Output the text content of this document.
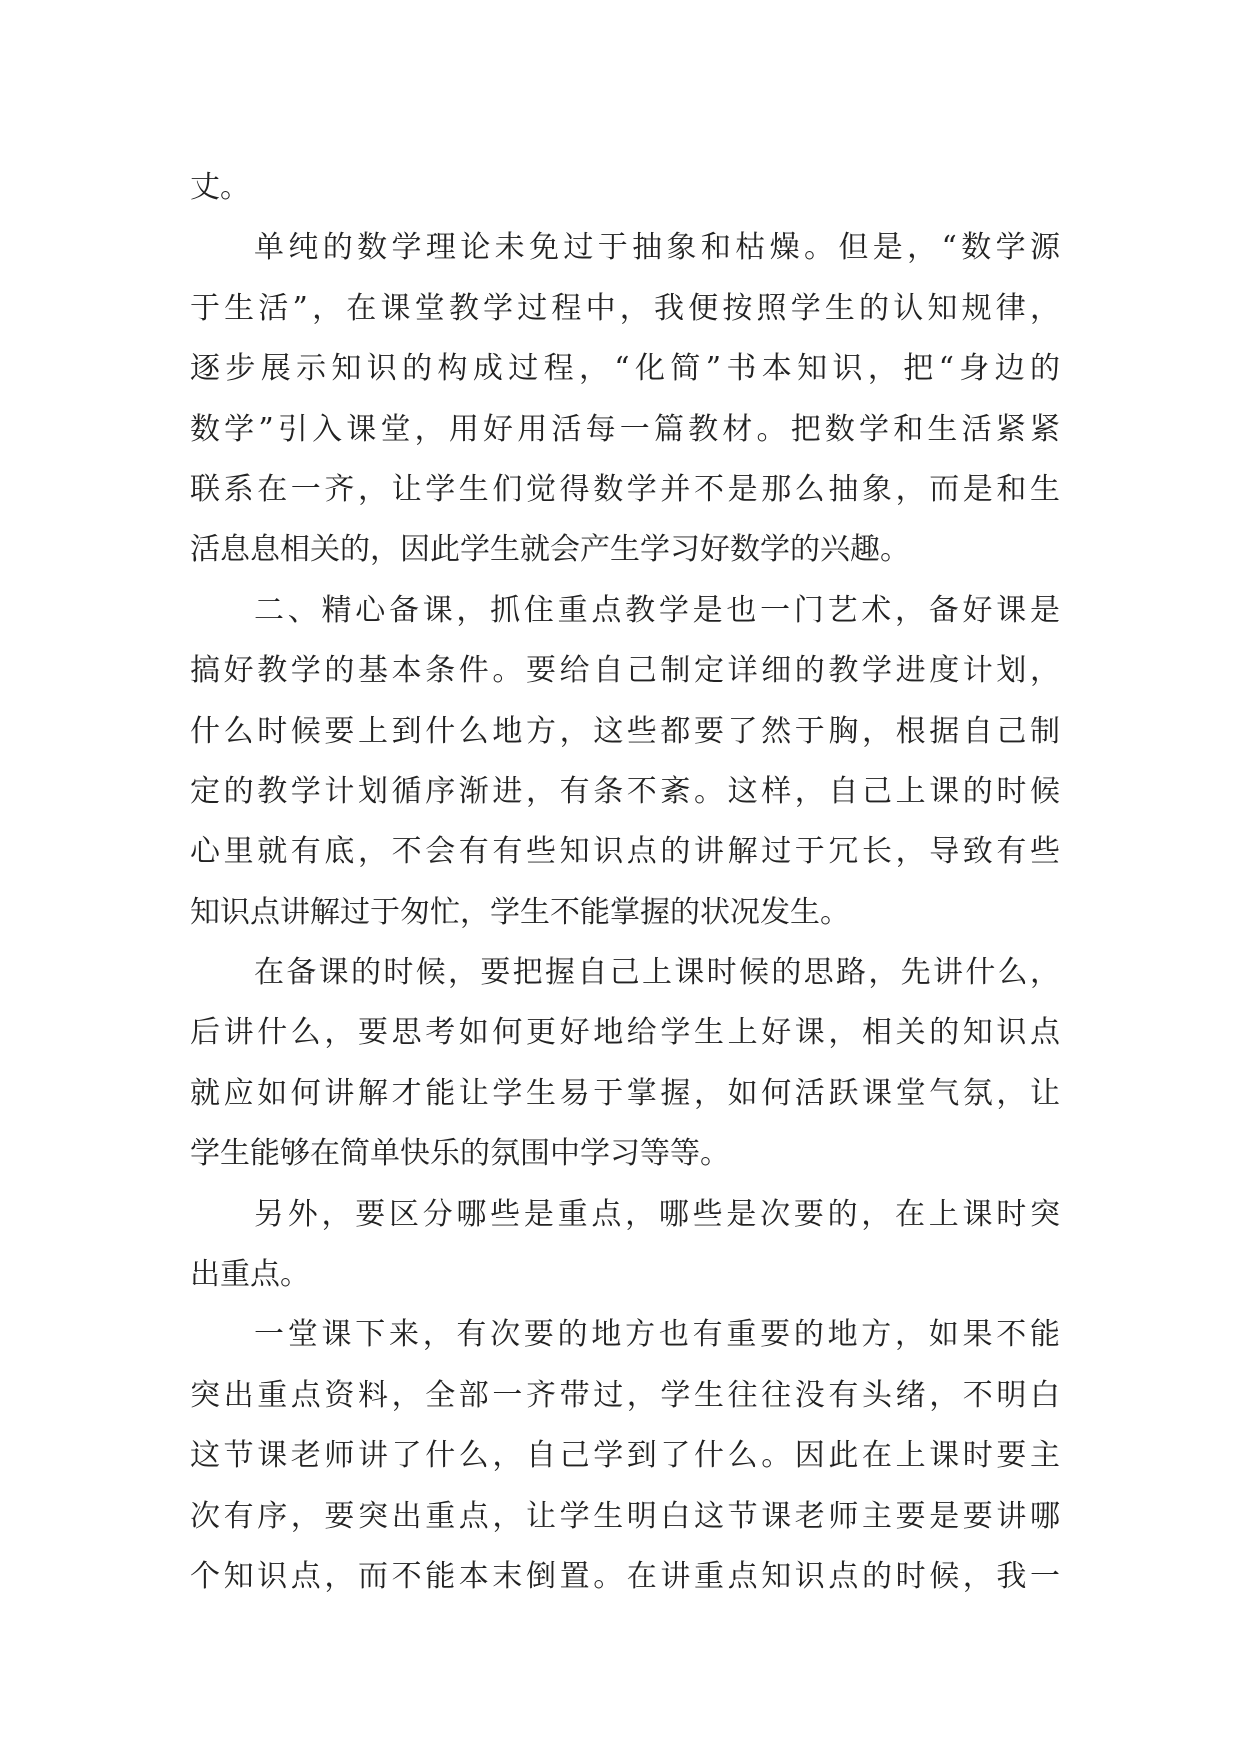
丈。
单纯的数学理论未免过于抽象和枯燥。但是，“数学源
于生活”，在课堂教学过程中，我便按照学生的认知规律，
逐步展示知识的构成过程，“化简”书本知识，把“身边的
数学”引入课堂，用好用活每一篇教材。把数学和生活紧紧
联系在一齐，让学生们觉得数学并不是那么抽象，而是和生
活息息相关的，因此学生就会产生学习好数学的兴趣。
二、精心备课，抓住重点教学是也一门艺术，备好课是
搞好教学的基本条件。要给自己制定详细的教学进度计划，
什么时候要上到什么地方，这些都要了然于胸，根据自己制
定的教学计划循序渐进，有条不紊。这样，自己上课的时候
心里就有底，不会有有些知识点的讲解过于冗长，导致有些
知识点讲解过于匆忙，学生不能掌握的状况发生。
在备课的时候，要把握自己上课时候的思路，先讲什么，
后讲什么，要思考如何更好地给学生上好课，相关的知识点
就应如何讲解才能让学生易于掌握，如何活跃课堂气氛，让
学生能够在简单快乐的氛围中学习等等。
另外，要区分哪些是重点，哪些是次要的，在上课时突
出重点。
一堂课下来，有次要的地方也有重要的地方，如果不能
突出重点资料，全部一齐带过，学生往往没有头绪，不明白
这节课老师讲了什么，自己学到了什么。因此在上课时要主
次有序，要突出重点，让学生明白这节课老师主要是要讲哪
个知识点，而不能本末倒置。在讲重点知识点的时候，我一
